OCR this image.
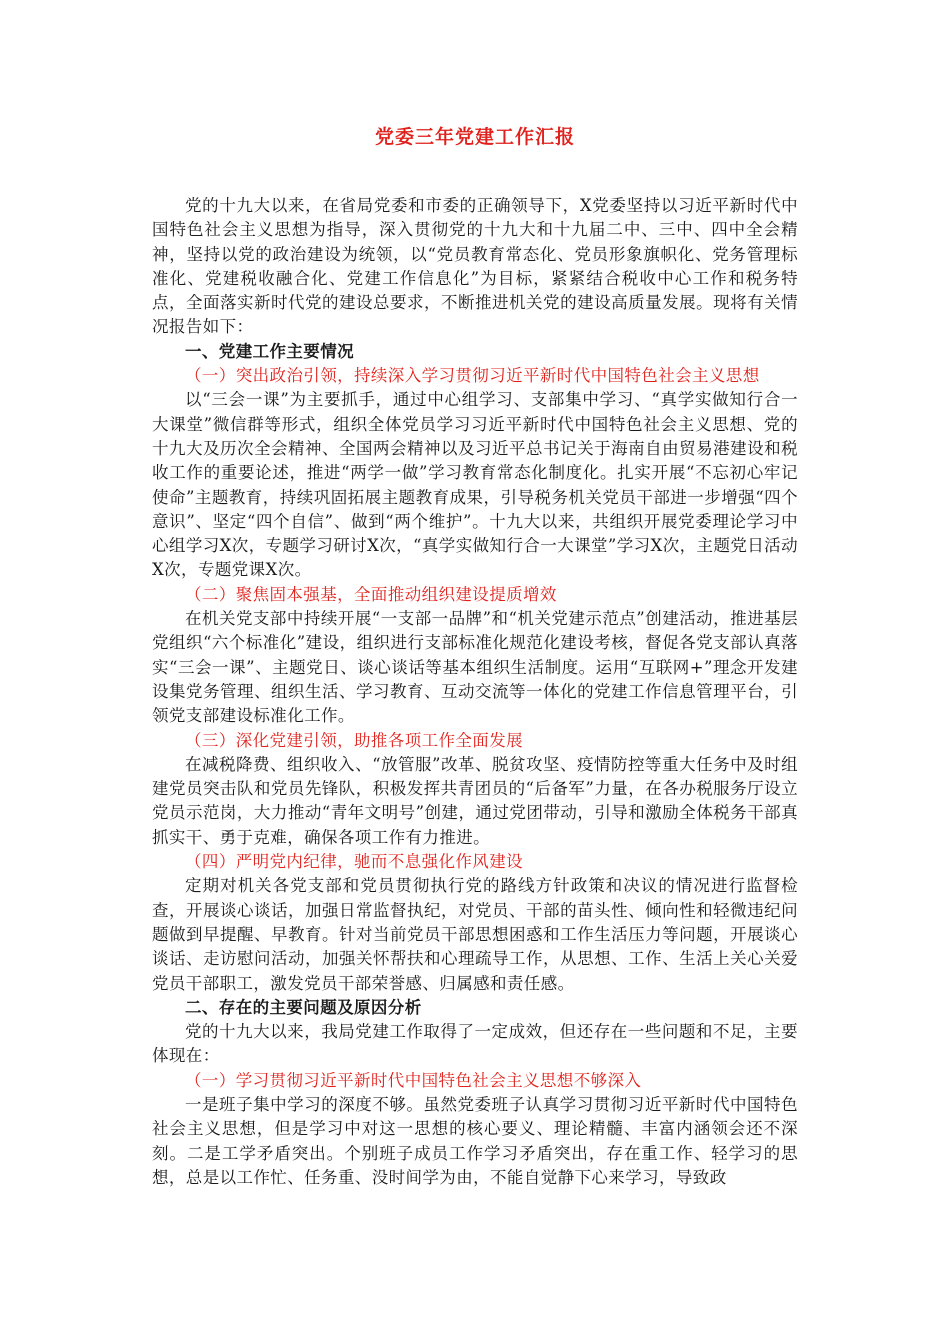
党委三年党建工作汇报

党的十九大以来，在省局党委和市委的正确领导下，X党委坚持以习近平新时代中国特色社会主义思想为指导，深入贯彻党的十九大和十九届二中、三中、四中全会精神，坚持以党的政治建设为统领，以“党员教育常态化、党员形象旗帜化、党务管理标准化、党建税收融合化、党建工作信息化”为目标，紧紧结合税收中心工作和税务特点，全面落实新时代党的建设总要求，不断推进机关党的建设高质量发展。现将有关情况报告如下：

一、党建工作主要情况

（一）突出政治引领，持续深入学习贯彻习近平新时代中国特色社会主义思想

以“三会一课”为主要抓手，通过中心组学习、支部集中学习、“真学实做知行合一大课堂”微信群等形式，组织全体党员学习习近平新时代中国特色社会主义思想、党的十九大及历次全会精神、全国两会精神以及习近平总书记关于海南自由贸易港建设和税收工作的重要论述，推进“两学一做”学习教育常态化制度化。扎实开展“不忘初心牢记使命”主题教育，持续巩固拓展主题教育成果，引导税务机关党员干部进一步增强“四个意识”、坚定“四个自信”、做到“两个维护”。十九大以来，共组织开展党委理论学习中心组学习X次，专题学习研讨X次，“真学实做知行合一大课堂”学习X次，主题党日活动X次，专题党课X次。

（二）聚焦固本强基，全面推动组织建设提质增效

在机关党支部中持续开展“一支部一品牌”和“机关党建示范点”创建活动，推进基层党组织“六个标准化”建设，组织进行支部标准化规范化建设考核，督促各党支部认真落实“三会一课”、主题党日、谈心谈话等基本组织生活制度。运用“互联网+”理念开发建设集党务管理、组织生活、学习教育、互动交流等一体化的党建工作信息管理平台，引领党支部建设标准化工作。

（三）深化党建引领，助推各项工作全面发展

在减税降费、组织收入、“放管服”改革、脱贫攻坚、疫情防控等重大任务中及时组建党员突击队和党员先锋队，积极发挥共青团员的“后备军”力量，在各办税服务厅设立党员示范岗，大力推动“青年文明号”创建，通过党团带动，引导和激励全体税务干部真抓实干、勇于克难，确保各项工作有力推进。

（四）严明党内纪律，驰而不息强化作风建设

定期对机关各党支部和党员贯彻执行党的路线方针政策和决议的情况进行监督检查，开展谈心谈话，加强日常监督执纪，对党员、干部的苗头性、倾向性和轻微违纪问题做到早提醒、早教育。针对当前党员干部思想困惑和工作生活压力等问题，开展谈心谈话、走访慰问活动，加强关怀帮扶和心理疏导工作，从思想、工作、生活上关心关爱党员干部职工，激发党员干部荣誉感、归属感和责任感。

二、存在的主要问题及原因分析

党的十九大以来，我局党建工作取得了一定成效，但还存在一些问题和不足，主要体现在：

（一）学习贯彻习近平新时代中国特色社会主义思想不够深入

一是班子集中学习的深度不够。虽然党委班子认真学习贯彻习近平新时代中国特色社会主义思想，但是学习中对这一思想的核心要义、理论精髓、丰富内涵领会还不深刻。二是工学矛盾突出。个别班子成员工作学习矛盾突出，存在重工作、轻学习的思想，总是以工作忙、任务重、没时间学为由，不能自觉静下心来学习，导致政
